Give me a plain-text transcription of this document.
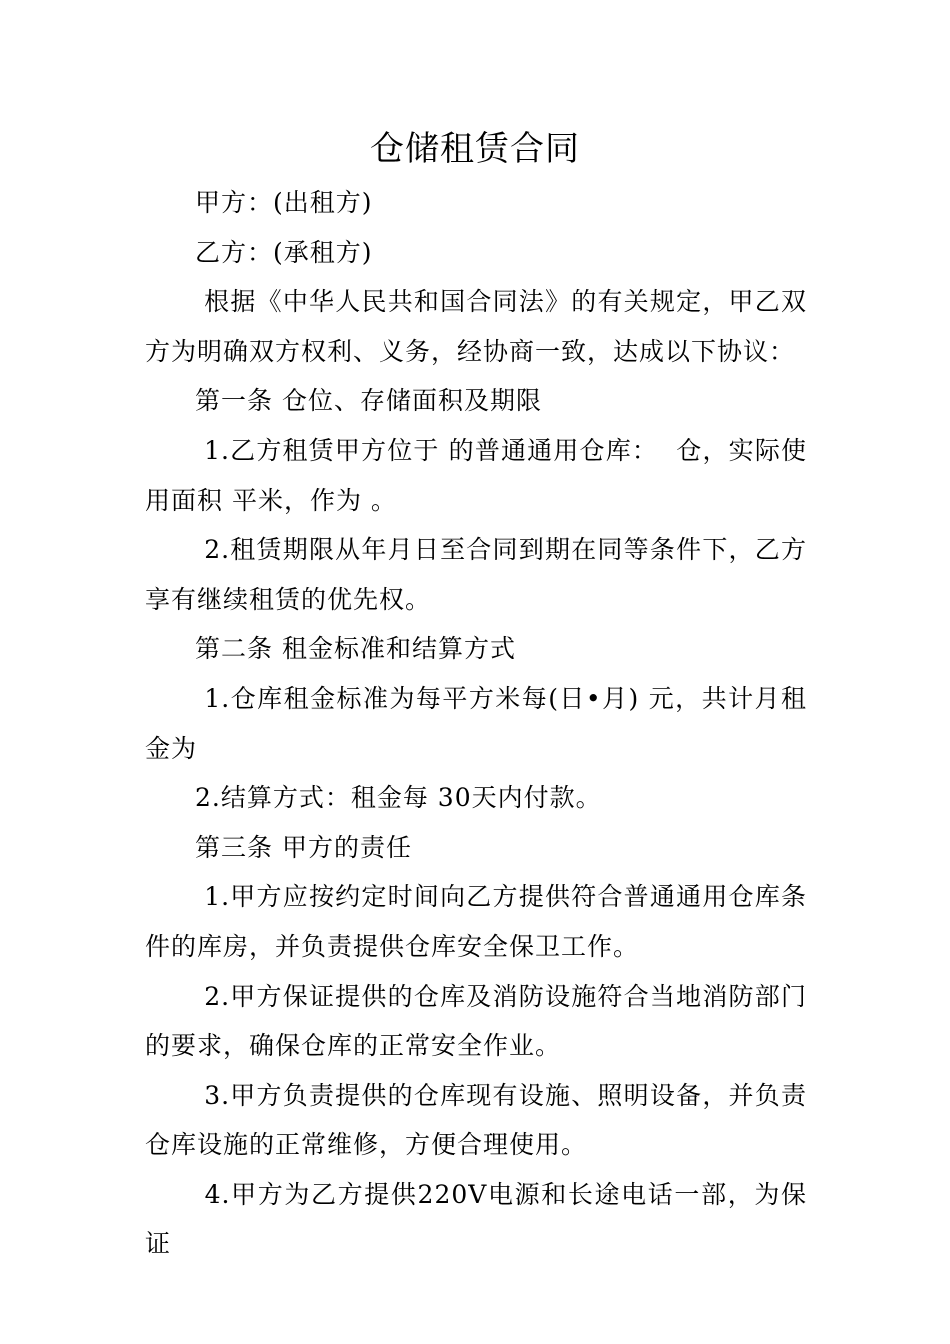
仓储租赁合同

甲方：(出租方)

乙方：(承租方)

根据《中华人民共和国合同法》的有关规定，甲乙双方为明确双方权利、义务，经协商一致，达成以下协议：

第一条 仓位、存储面积及期限

1.乙方租赁甲方位于 的普通通用仓库：  仓，实际使用面积 平米，作为 。

2.租赁期限从年月日至合同到期在同等条件下，乙方享有继续租赁的优先权。

第二条 租金标准和结算方式

1.仓库租金标准为每平方米每(日•月) 元，共计月租金为

2.结算方式：租金每 30天内付款。

第三条 甲方的责任

1.甲方应按约定时间向乙方提供符合普通通用仓库条件的库房，并负责提供仓库安全保卫工作。

2.甲方保证提供的仓库及消防设施符合当地消防部门的要求，确保仓库的正常安全作业。

3.甲方负责提供的仓库现有设施、照明设备，并负责仓库设施的正常维修，方便合理使用。

4.甲方为乙方提供220V电源和长途电话一部，为保证
